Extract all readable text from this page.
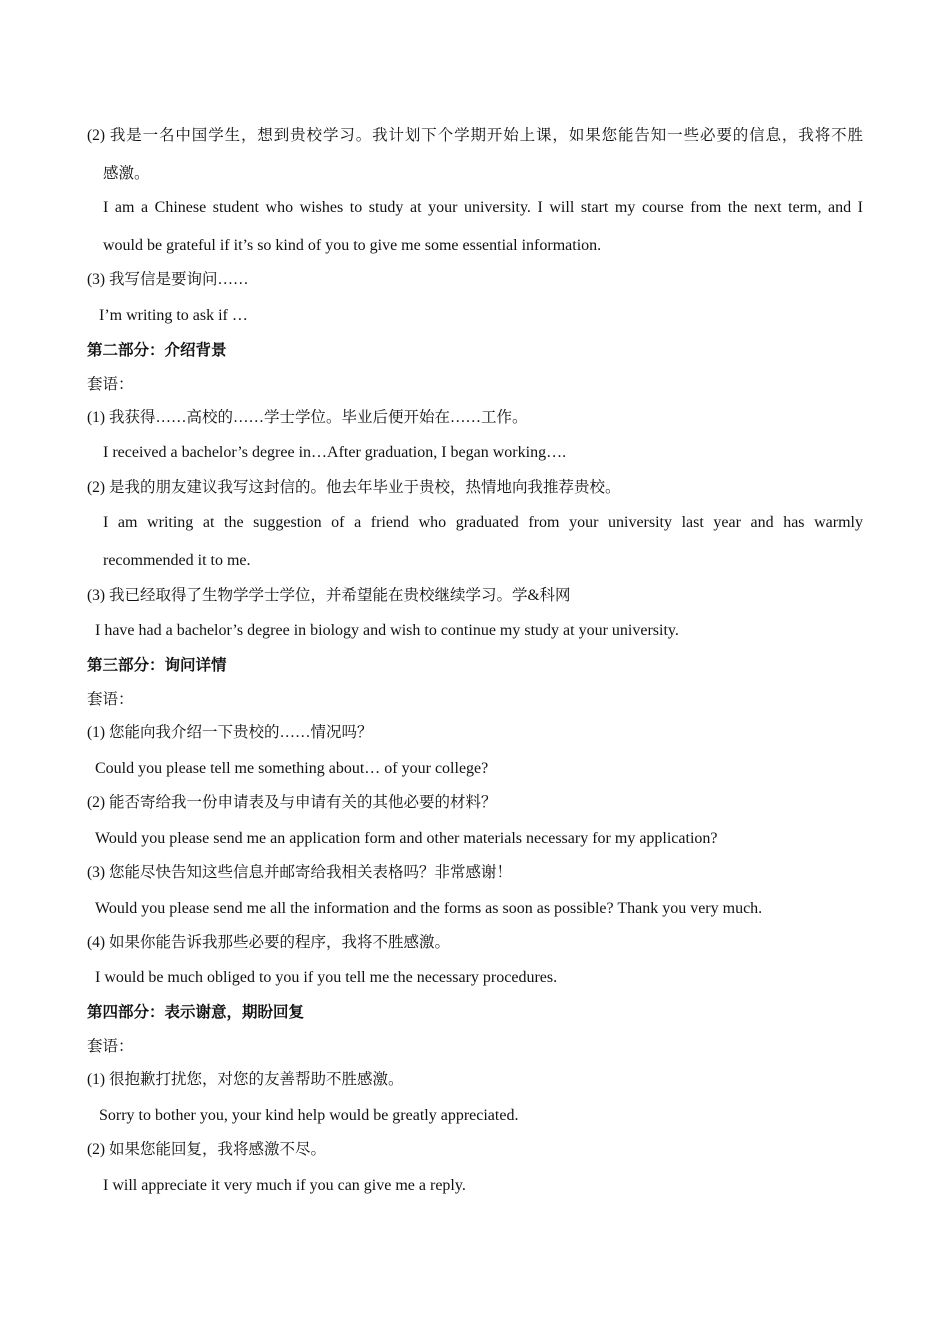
(2) 我是一名中国学生，想到贵校学习。我计划下个学期开始上课，如果您能告知一些必要的信息，我将不胜
感激。
I am a Chinese student who wishes to study at your university. I will start my course from the next term, and I
would be grateful if it’s so kind of you to give me some essential information.
(3) 我写信是要询问……
I’m writing to ask if …
第二部分：介绍背景
套语：
(1) 我获得……高校的……学士学位。毕业后便开始在……工作。
I received a bachelor’s degree in…After graduation, I began working….
(2) 是我的朋友建议我写这封信的。他去年毕业于贵校，热情地向我推荐贵校。
I am writing at the suggestion of a friend who graduated from your university last year and has warmly
recommended it to me.
(3) 我已经取得了生物学学士学位，并希望能在贵校继续学习。学&科网
I have had a bachelor’s degree in biology and wish to continue my study at your university.
第三部分：询问详情
套语：
(1) 您能向我介绍一下贵校的……情况吗？
Could you please tell me something about… of your college?
(2) 能否寄给我一份申请表及与申请有关的其他必要的材料？
Would you please send me an application form and other materials necessary for my application?
(3) 您能尽快告知这些信息并邮寄给我相关表格吗？非常感谢！
Would you please send me all the information and the forms as soon as possible? Thank you very much.
(4) 如果你能告诉我那些必要的程序，我将不胜感激。
I would be much obliged to you if you tell me the necessary procedures.
第四部分：表示谢意，期盼回复
套语：
(1) 很抱歉打扰您，对您的友善帮助不胜感激。
Sorry to bother you, your kind help would be greatly appreciated.
(2) 如果您能回复，我将感激不尽。
I will appreciate it very much if you can give me a reply.
